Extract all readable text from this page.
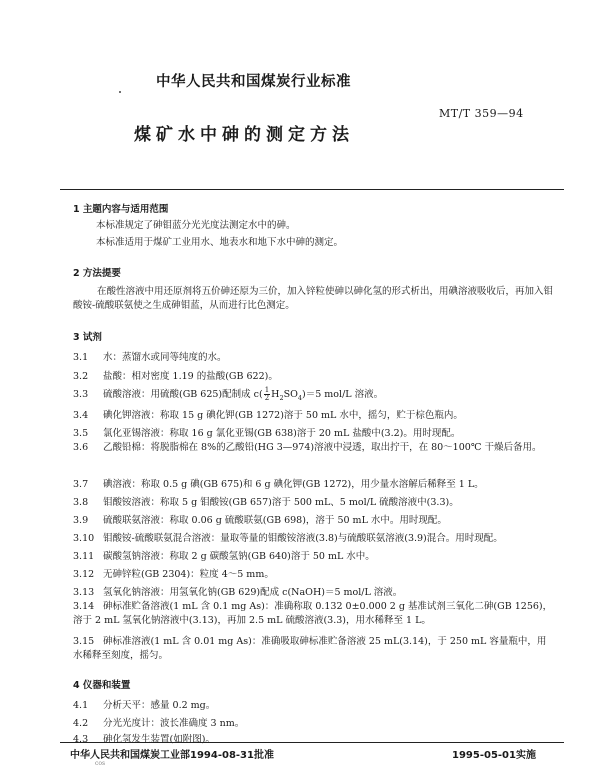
中华人民共和国煤炭行业标准
MT/T 359—94
煤矿水中砷的测定方法
1 主题内容与适用范围
本标准规定了砷钼蓝分光光度法测定水中的砷。
本标准适用于煤矿工业用水、地表水和地下水中砷的测定。
2 方法提要
在酸性溶液中用还原剂将五价砷还原为三价，加入锌粒使砷以砷化氢的形式析出，用碘溶液吸收后，再加入钼酸铵-硫酸联氨使之生成砷钼蓝，从而进行比色测定。
3 试剂
3.1 水：蒸馏水或同等纯度的水。
3.2 盐酸：相对密度 1.19 的盐酸(GB 622)。
3.3 硫酸溶液：用硫酸(GB 625)配制成 $c( \frac{1}{2} H_2SO_4)=5$ mol/L 溶液。
3.4 碘化钾溶液：称取 15 g 碘化钾(GB 1272)溶于 50 mL 水中，摇匀，贮于棕色瓶内。
3.5 氯化亚锡溶液：称取 16 g 氯化亚锡(GB 638)溶于 20 mL 盐酸中(3.2)。用时现配。
3.6 乙酸铅棉：将脱脂棉在 8%的乙酸铅(HG 3—974)溶液中浸透，取出拧干，在 80～100℃ 干燥后备用。
3.7 碘溶液：称取 0.5 g 碘(GB 675)和 6 g 碘化钾(GB 1272)，用少量水溶解后稀释至 1 L。
3.8 钼酸铵溶液：称取 5 g 钼酸铵(GB 657)溶于 500 mL、5 mol/L 硫酸溶液中(3.3)。
3.9 硫酸联氨溶液：称取 0.06 g 硫酸联氨(GB 698)，溶于 50 mL 水中。用时现配。
3.10 钼酸铵-硫酸联氨混合溶液：量取等量的钼酸铵溶液(3.8)与硫酸联氨溶液(3.9)混合。用时现配。
3.11 碳酸氢钠溶液：称取 2 g 碳酸氢钠(GB 640)溶于 50 mL 水中。
3.12 无砷锌粒(GB 2304)：粒度 4～5 mm。
3.13 氢氧化钠溶液：用氢氧化钠(GB 629)配成 c(NaOH)＝5 mol/L 溶液。
3.14 砷标准贮备溶液(1 mL 含 0.1 mg As)：准确称取 0.132 0±0.000 2 g 基准试剂三氧化二砷(GB 1256)，溶于 2 mL 氢氧化钠溶液中(3.13)，再加 2.5 mL 硫酸溶液(3.3)，用水稀释至 1 L。
3.15 砷标准溶液(1 mL 含 0.01 mg As)：准确吸取砷标准贮备溶液 25 mL(3.14)，于 250 mL 容量瓶中，用水稀释至刻度，摇匀。
4 仪器和装置
4.1 分析天平：感量 0.2 mg。
4.2 分光光度计：波长准确度 3 nm。
4.3 砷化氢发生装置(如附图)。
中华人民共和国煤炭工业部1994-08-31批准	1995-05-01实施
cos
